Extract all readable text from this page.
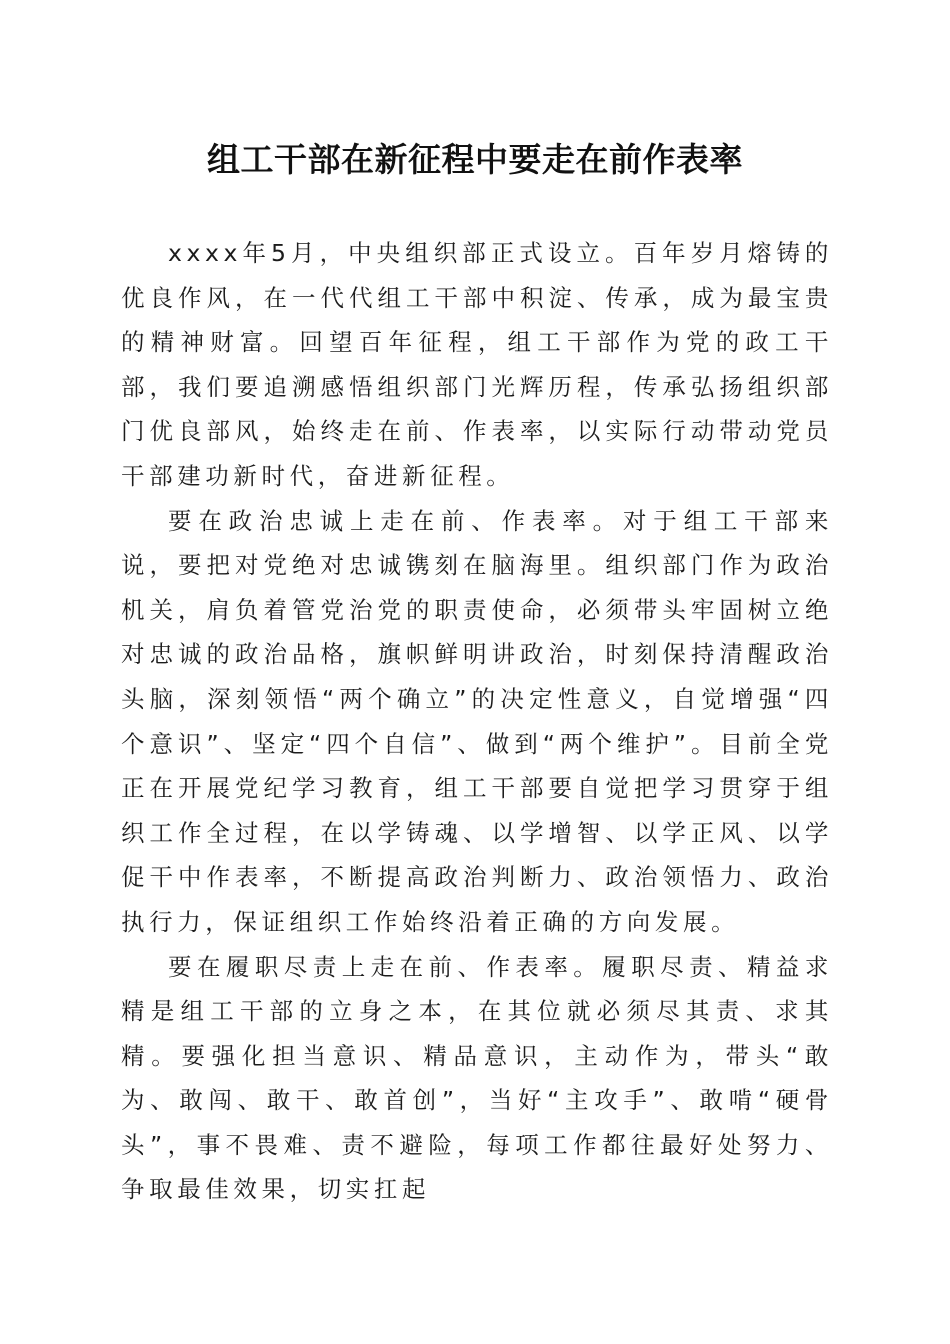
组工干部在新征程中要走在前作表率

xxxx年5月，中央组织部正式设立。百年岁月熔铸的优良作风，在一代代组工干部中积淀、传承，成为最宝贵的精神财富。回望百年征程，组工干部作为党的政工干部，我们要追溯感悟组织部门光辉历程，传承弘扬组织部门优良部风，始终走在前、作表率，以实际行动带动党员干部建功新时代，奋进新征程。

要在政治忠诚上走在前、作表率。对于组工干部来说，要把对党绝对忠诚镌刻在脑海里。组织部门作为政治机关，肩负着管党治党的职责使命，必须带头牢固树立绝对忠诚的政治品格，旗帜鲜明讲政治，时刻保持清醒政治头脑，深刻领悟“两个确立”的决定性意义，自觉增强“四个意识”、坚定“四个自信”、做到“两个维护”。目前全党正在开展党纪学习教育，组工干部要自觉把学习贯穿于组织工作全过程，在以学铸魂、以学增智、以学正风、以学促干中作表率，不断提高政治判断力、政治领悟力、政治执行力，保证组织工作始终沿着正确的方向发展。

要在履职尽责上走在前、作表率。履职尽责、精益求精是组工干部的立身之本，在其位就必须尽其责、求其精。要强化担当意识、精品意识，主动作为，带头“敢为、敢闯、敢干、敢首创”，当好“主攻手”、敢啃“硬骨头”，事不畏难、责不避险，每项工作都往最好处努力、争取最佳效果，切实扛起
